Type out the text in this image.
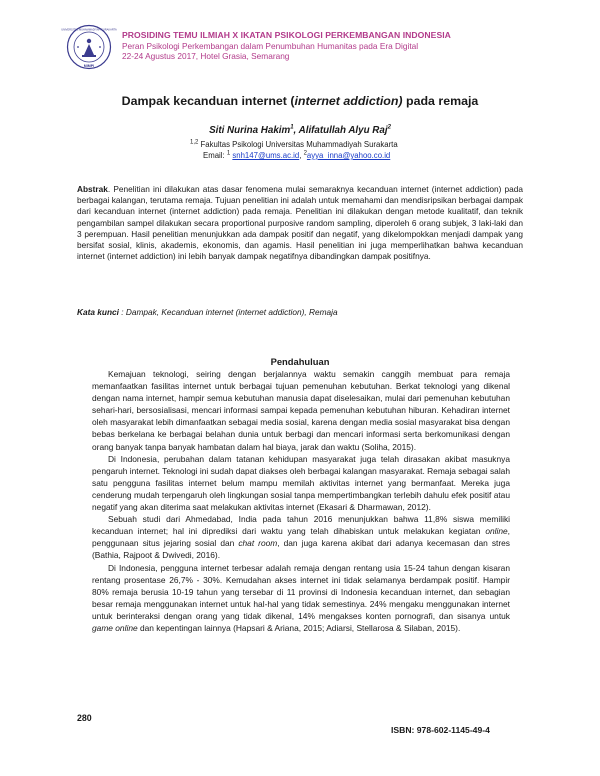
MIMPI
UNIVERSITAS MUHAMMADIYAH SURAKARTA PROSIDING TEMU ILMIAH X IKATAN PSIKOLOGI PERKEMBANGAN INDONESIA
Peran Psikologi Perkembangan dalam Penumbuhan Humanitas pada Era Digital
22-24 Agustus 2017, Hotel Grasia, Semarang
Dampak kecanduan internet (internet addiction) pada remaja
Siti Nurina Hakim$^1$, Alifatullah Alyu Raj$^2$
$^{1,2}$ Fakultas Psikologi Universitas Muhammadiyah Surakarta
Email: $^1$ snh147@ums.ac.id, $^2$ayya_inna@yahoo.co.id
Abstrak. Penelitian ini dilakukan atas dasar fenomena mulai semaraknya kecanduan internet (internet addiction) pada berbagai kalangan, terutama remaja. Tujuan penelitian ini adalah untuk memahami dan mendisripsikan berbagai dampak dari kecanduan internet (internet addiction) pada remaja. Penelitian ini dilakukan dengan metode kualitatif, dan teknik pengambilan sampel dilakukan secara proportional purposive random sampling, diperoleh 6 orang subjek, 3 laki-laki dan 3 perempuan. Hasil penelitian menunjukkan ada dampak positif dan negatif, yang dikelompokkan menjadi dampak yang bersifat sosial, klinis, akademis, ekonomis, dan agamis. Hasil penelitian ini juga memperlihatkan bahwa kecanduan internet (internet addiction) ini lebih banyak dampak negatifnya dibandingkan dampak positifnya.
Kata kunci : Dampak, Kecanduan internet (internet addiction), Remaja
Pendahuluan

Kemajuan teknologi, seiring dengan berjalannya waktu semakin canggih membuat para remaja memanfaatkan fasilitas internet untuk berbagai tujuan pemenuhan kebutuhan. Berkat teknologi yang dikenal dengan nama internet, hampir semua kebutuhan manusia dapat diselesaikan, mulai dari pemenuhan kebutuhan sehari-hari, bersosialisasi, mencari informasi sampai kepada pemenuhan kebutuhan hiburan. Kehadiran internet oleh masyarakat lebih dimanfaatkan sebagai media sosial, karena dengan media sosial masyarakat bisa dengan bebas berkelana ke berbagai belahan dunia untuk berbagi dan mencari informasi serta berkomunikasi dengan orang banyak tanpa banyak hambatan dalam hal biaya, jarak dan waktu (Soliha, 2015).

Di Indonesia, perubahan dalam tatanan kehidupan masyarakat juga telah dirasakan akibat masuknya pengaruh internet. Teknologi ini sudah dapat diakses oleh berbagai kalangan masyarakat. Remaja sebagai salah satu pengguna fasilitas internet belum mampu memilah aktivitas internet yang bermanfaat. Mereka juga cenderung mudah terpengaruh oleh lingkungan sosial tanpa mempertimbangkan terlebih dahulu efek positif atau negatif yang akan diterima saat melakukan aktivitas internet (Ekasari & Dharmawan, 2012).

Sebuah studi dari Ahmedabad, India pada tahun 2016 menunjukkan bahwa 11,8% siswa memiliki kecanduan internet; hal ini diprediksi dari waktu yang telah dihabiskan untuk melakukan kegiatan online, penggunaan situs jejaring sosial dan chat room, dan juga karena akibat dari adanya kecemasan dan stres (Bathia, Rajpoot & Dwivedi, 2016).

Di Indonesia, pengguna internet terbesar adalah remaja dengan rentang usia 15-24 tahun dengan kisaran rentang prosentase 26,7% - 30%. Kemudahan akses internet ini tidak selamanya berdampak positif. Hampir 80% remaja berusia 10-19 tahun yang tersebar di 11 provinsi di Indonesia kecanduan internet, dan sebagian besar remaja menggunakan internet untuk hal-hal yang tidak semestinya. 24% mengaku menggunakan internet untuk berinteraksi dengan orang yang tidak dikenal, 14% mengakses konten pornografi, dan sisanya untuk game online dan kepentingan lainnya (Hapsari & Ariana, 2015; Adiarsi, Stellarosa & Silaban, 2015).

280
ISBN: 978-602-1145-49-4
